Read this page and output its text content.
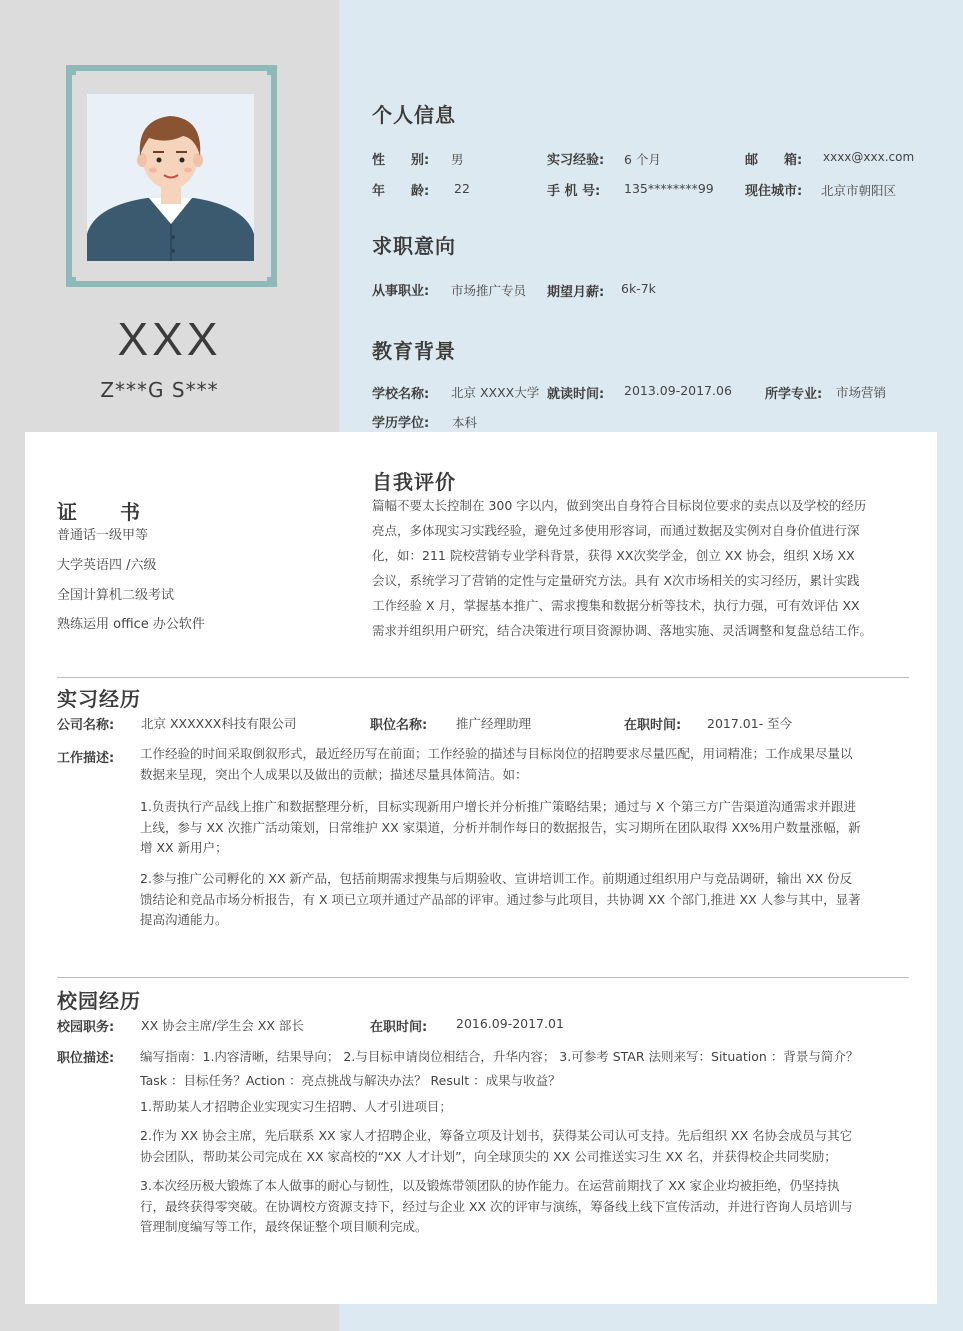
XXX
Z***G S***
个人信息
性　　别: 男	实习经验: 6 个月	邮　　箱: xxxx@xxx.com
年　　龄: 22	手 机 号: 135********99 现住城市: 北京市朝阳区
求职意向
从事职业: 市场推广专员 期望月薪: 6k-7k
教育背景
学校名称: 北京 XXXX大学 就读时间: 2013.09-2017.06	所学专业: 市场营销
学历学位: 本科
证　　书
普通话一级甲等
大学英语四 /六级
全国计算机二级考试
熟练运用 office 办公软件
自我评价
篇幅不要太长控制在 300 字以内，做到突出自身符合目标岗位要求的卖点以及学校的经历
亮点，多体现实习实践经验，避免过多使用形容词，而通过数据及实例对自身价值进行深
化，如：211 院校营销专业学科背景，获得 XX次奖学金，创立 XX 协会，组织 X场 XX
会议，系统学习了营销的定性与定量研究方法。具有 X次市场相关的实习经历，累计实践
工作经验 X 月，掌握基本推广、需求搜集和数据分析等技术，执行力强，可有效评估 XX
需求并组织用户研究，结合决策进行项目资源协调、落地实施、灵活调整和复盘总结工作。
实习经历
公司名称: 北京 XXXXXX科技有限公司	职位名称: 推广经理助理	在职时间: 2017.01- 至今
工作描述: 工作经验的时间采取倒叙形式，最近经历写在前面；工作经验的描述与目标岗位的招聘要求尽量匹配，用词精准；工作成果尽量以
数据来呈现，突出个人成果以及做出的贡献；描述尽量具体简洁。如：
1.负责执行产品线上推广和数据整理分析，目标实现新用户增长并分析推广策略结果；通过与 X 个第三方广告渠道沟通需求并跟进
上线，参与 XX 次推广活动策划，日常维护 XX 家渠道，分析并制作每日的数据报告，实习期所在团队取得 XX%用户数量涨幅，新
增 XX 新用户；
2.参与推广公司孵化的 XX 新产品，包括前期需求搜集与后期验收、宣讲培训工作。前期通过组织用户与竞品调研，输出 XX 份反
馈结论和竞品市场分析报告，有 X 项已立项并通过产品部的评审。通过参与此项目，共协调 XX 个部门,推进 XX 人参与其中，显著
提高沟通能力。
校园经历
校园职务: XX 协会主席/学生会 XX 部长	在职时间: 2016.09-2017.01
职位描述: 编写指南：1.内容清晰，结果导向； 2.与目标申请岗位相结合，升华内容； 3.可参考 STAR 法则来写：Situation ：背景与简介？
Task ：目标任务？Action ：亮点挑战与解决办法？ Result ：成果与收益？
1.帮助某人才招聘企业实现实习生招聘、人才引进项目；
2.作为 XX 协会主席，先后联系 XX 家人才招聘企业，筹备立项及计划书，获得某公司认可支持。先后组织 XX 名协会成员与其它
协会团队，帮助某公司完成在 XX 家高校的“XX 人才计划”，向全球顶尖的 XX 公司推送实习生 XX 名，并获得校企共同奖励；
3.本次经历极大锻炼了本人做事的耐心与韧性，以及锻炼带领团队的协作能力。在运营前期找了 XX 家企业均被拒绝，仍坚持执
行，最终获得零突破。在协调校方资源支持下，经过与企业 XX 次的评审与演练，筹备线上线下宣传活动，并进行咨询人员培训与
管理制度编写等工作，最终保证整个项目顺利完成。
